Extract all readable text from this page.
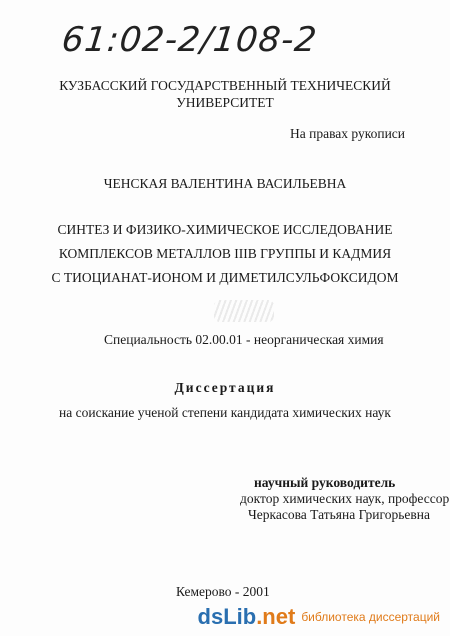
61:02-2/108-2
КУЗБАССКИЙ ГОСУДАРСТВЕННЫЙ ТЕХНИЧЕСКИЙ
УНИВЕРСИТЕТ
На правах рукописи
ЧЕНСКАЯ ВАЛЕНТИНА ВАСИЛЬЕВНА
СИНТЕЗ И ФИЗИКО-ХИМИЧЕСКОЕ ИССЛЕДОВАНИЕ
КОМПЛЕКСОВ МЕТАЛЛОВ IIIB ГРУППЫ И КАДМИЯ
С ТИОЦИАНАТ-ИОНОМ И ДИМЕТИЛСУЛЬФОКСИДОМ
Специальность 02.00.01 - неорганическая химия
Диссертация
на соискание ученой степени кандидата химических наук
научный руководитель
доктор химических наук, профессор
Черкасова Татьяна Григорьевна
Кемерово - 2001
dsLib.net библиотека диссертаций
